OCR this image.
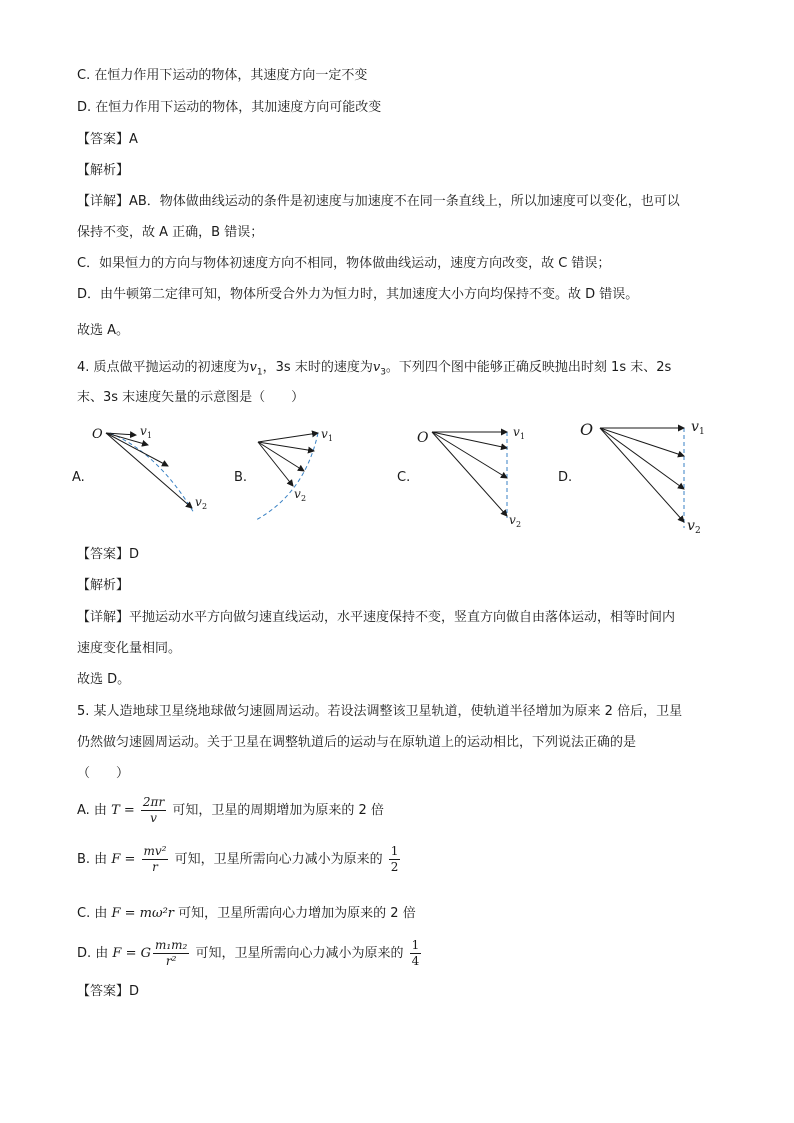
C. 在恒力作用下运动的物体，其速度方向一定不变
D. 在恒力作用下运动的物体，其加速度方向可能改变
【答案】A
【解析】
【详解】AB．物体做曲线运动的条件是初速度与加速度不在同一条直线上，所以加速度可以变化，也可以
保持不变，故 A 正确，B 错误；
C．如果恒力的方向与物体初速度方向不相同，物体做曲线运动，速度方向改变，故 C 错误；
D．由牛顿第二定律可知，物体所受合外力为恒力时，其加速度大小方向均保持不变。故 D 错误。
故选 A。
4. 质点做平抛运动的初速度为$v_1$，3s 末时的速度为$v_3$。下列四个图中能够正确反映抛出时刻 1s 末、2s
末、3s 末速度矢量的示意图是（　　）
A.	B.	C.	D.
O	v 1
v 2
v 1
v 2
O	v 1
v 2
O	v 1
v 2
【答案】D
【解析】
【详解】平抛运动水平方向做匀速直线运动，水平速度保持不变，竖直方向做自由落体运动，相等时间内
速度变化量相同。
故选 D。
5. 某人造地球卫星绕地球做匀速圆周运动。若设法调整该卫星轨道，使轨道半径增加为原来 2 倍后，卫星
仍然做匀速圆周运动。关于卫星在调整轨道后的运动与在原轨道上的运动相比，下列说法正确的是
（　　）
A. 由 $T = \frac{2\pi r}{v}$ 可知，卫星的周期增加为原来的 2 倍
B. 由 $F = \frac{\text{mv²}}{r}$ 可知，卫星所需向心力减小为原来的 $\frac{1}{2}$
C. 由 F = mω²r 可知，卫星所需向心力增加为原来的 2 倍
D. 由 F = G $\frac{\text{m₁m₂}}{\text{r²}}$ 可知，卫星所需向心力减小为原来的 $\frac{1}{4}$
【答案】D
